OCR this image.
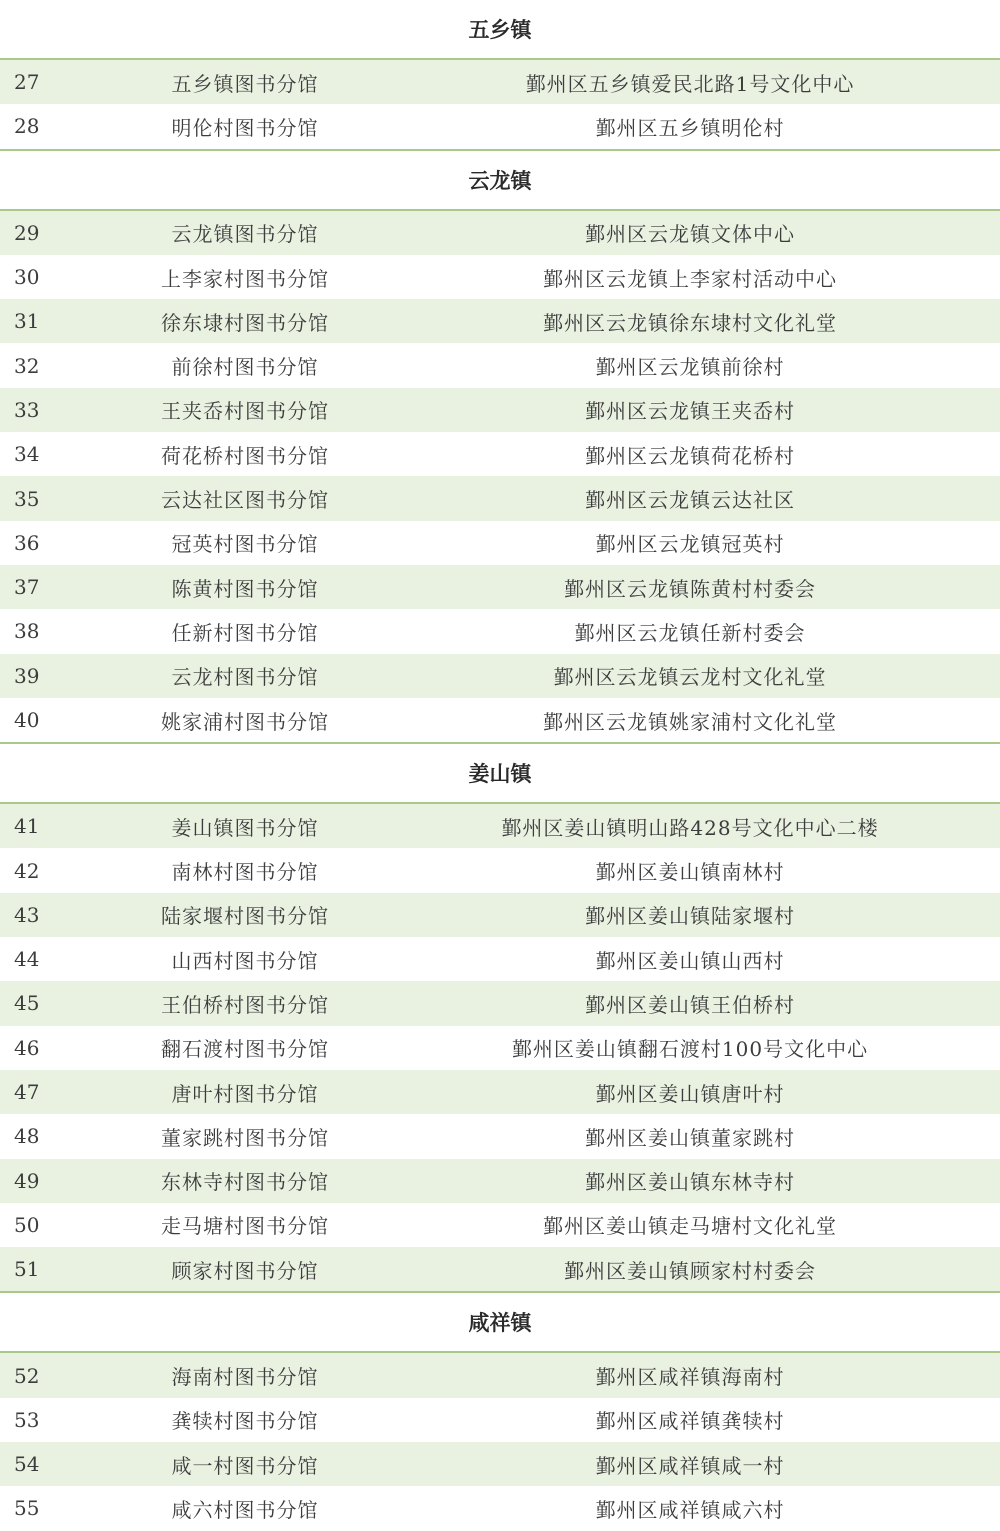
五乡镇
27	五乡镇图书分馆	鄞州区五乡镇爱民北路1号文化中心
28	明伦村图书分馆	鄞州区五乡镇明伦村
云龙镇
29	云龙镇图书分馆	鄞州区云龙镇文体中心
30	上李家村图书分馆	鄞州区云龙镇上李家村活动中心
31	徐东埭村图书分馆	鄞州区云龙镇徐东埭村文化礼堂
32	前徐村图书分馆	鄞州区云龙镇前徐村
33	王夹岙村图书分馆	鄞州区云龙镇王夹岙村
34	荷花桥村图书分馆	鄞州区云龙镇荷花桥村
35	云达社区图书分馆	鄞州区云龙镇云达社区
36	冠英村图书分馆	鄞州区云龙镇冠英村
37	陈黄村图书分馆	鄞州区云龙镇陈黄村村委会
38	任新村图书分馆	鄞州区云龙镇任新村委会
39	云龙村图书分馆	鄞州区云龙镇云龙村文化礼堂
40	姚家浦村图书分馆	鄞州区云龙镇姚家浦村文化礼堂
姜山镇
41	姜山镇图书分馆	鄞州区姜山镇明山路428号文化中心二楼
42	南林村图书分馆	鄞州区姜山镇南林村
43	陆家堰村图书分馆	鄞州区姜山镇陆家堰村
44	山西村图书分馆	鄞州区姜山镇山西村
45	王伯桥村图书分馆	鄞州区姜山镇王伯桥村
46	翻石渡村图书分馆	鄞州区姜山镇翻石渡村100号文化中心
47	唐叶村图书分馆	鄞州区姜山镇唐叶村
48	董家跳村图书分馆	鄞州区姜山镇董家跳村
49	东林寺村图书分馆	鄞州区姜山镇东林寺村
50	走马塘村图书分馆	鄞州区姜山镇走马塘村文化礼堂
51	顾家村图书分馆	鄞州区姜山镇顾家村村委会
咸祥镇
52	海南村图书分馆	鄞州区咸祥镇海南村
53	龚犊村图书分馆	鄞州区咸祥镇龚犊村
54	咸一村图书分馆	鄞州区咸祥镇咸一村
55	咸六村图书分馆	鄞州区咸祥镇咸六村
